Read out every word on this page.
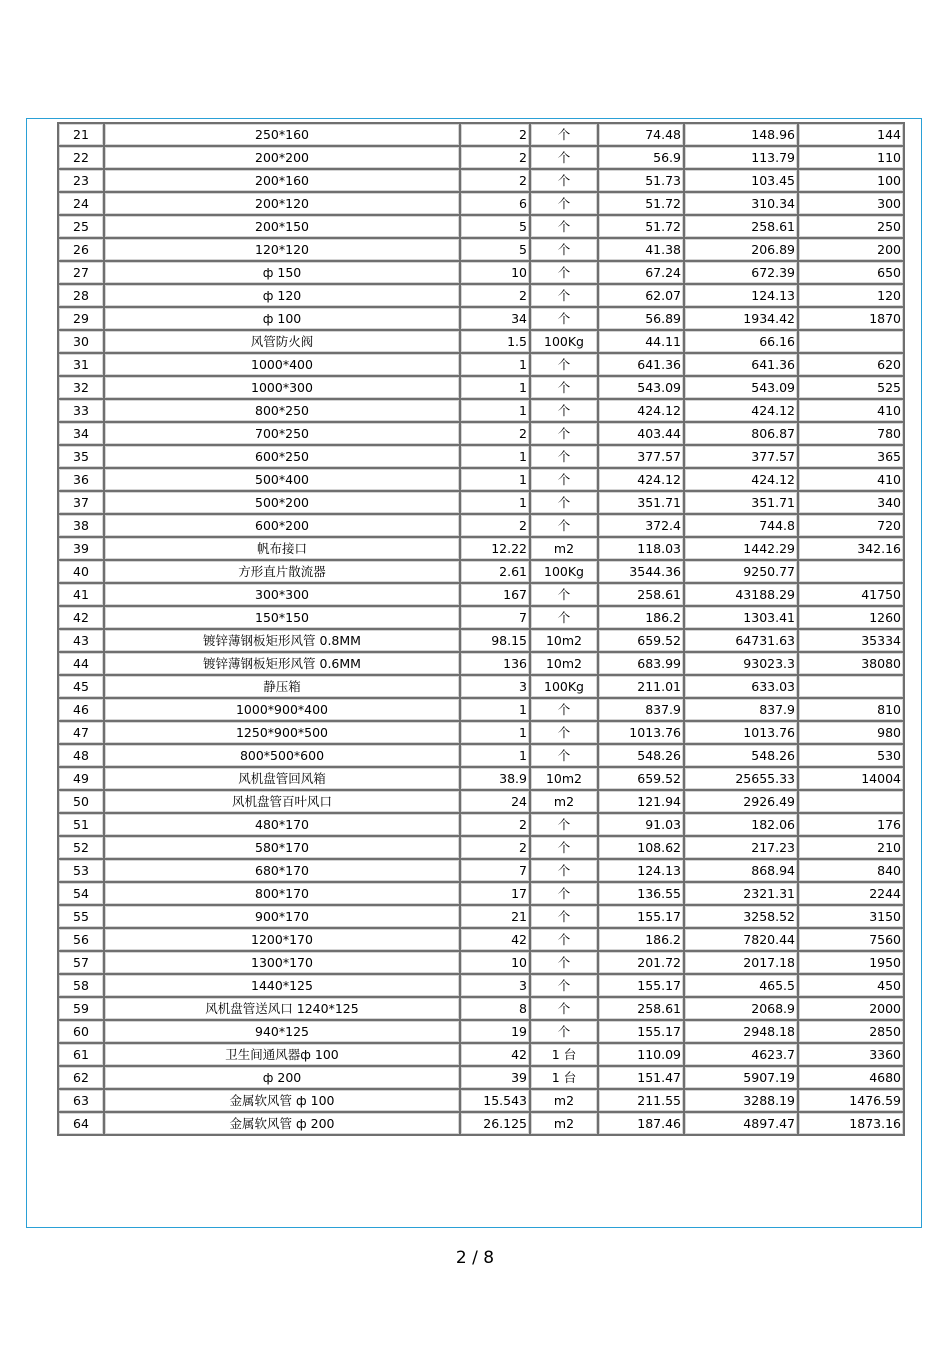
21	250*160	2	个	74.48	148.96	144
22	200*200	2	个	56.9	113.79	110
23	200*160	2	个	51.73	103.45	100
24	200*120	6	个	51.72	310.34	300
25	200*150	5	个	51.72	258.61	250
26	120*120	5	个	41.38	206.89	200
27	ф 150	10	个	67.24	672.39	650
28	ф 120	2	个	62.07	124.13	120
29	ф 100	34	个	56.89	1934.42	1870
30	风管防火阀	1.5	100Kg	44.11	66.16	
31	1000*400	1	个	641.36	641.36	620
32	1000*300	1	个	543.09	543.09	525
33	800*250	1	个	424.12	424.12	410
34	700*250	2	个	403.44	806.87	780
35	600*250	1	个	377.57	377.57	365
36	500*400	1	个	424.12	424.12	410
37	500*200	1	个	351.71	351.71	340
38	600*200	2	个	372.4	744.8	720
39	帆布接口	12.22	m2	118.03	1442.29	342.16
40	方形直片散流器	2.61	100Kg	3544.36	9250.77	
41	300*300	167	个	258.61	43188.29	41750
42	150*150	7	个	186.2	1303.41	1260
43	镀锌薄钢板矩形风管 0.8MM	98.15	10m2	659.52	64731.63	35334
44	镀锌薄钢板矩形风管 0.6MM	136	10m2	683.99	93023.3	38080
45	静压箱	3	100Kg	211.01	633.03	
46	1000*900*400	1	个	837.9	837.9	810
47	1250*900*500	1	个	1013.76	1013.76	980
48	800*500*600	1	个	548.26	548.26	530
49	风机盘管回风箱	38.9	10m2	659.52	25655.33	14004
50	风机盘管百叶风口	24	m2	121.94	2926.49	
51	480*170	2	个	91.03	182.06	176
52	580*170	2	个	108.62	217.23	210
53	680*170	7	个	124.13	868.94	840
54	800*170	17	个	136.55	2321.31	2244
55	900*170	21	个	155.17	3258.52	3150
56	1200*170	42	个	186.2	7820.44	7560
57	1300*170	10	个	201.72	2017.18	1950
58	1440*125	3	个	155.17	465.5	450
59	风机盘管送风口 1240*125	8	个	258.61	2068.9	2000
60	940*125	19	个	155.17	2948.18	2850
61	卫生间通风器ф 100	42	1 台	110.09	4623.7	3360
62	ф 200	39	1 台	151.47	5907.19	4680
63	金属软风管 ф 100	15.543	m2	211.55	3288.19	1476.59
64	金属软风管 ф 200	26.125	m2	187.46	4897.47	1873.16
2 / 8
